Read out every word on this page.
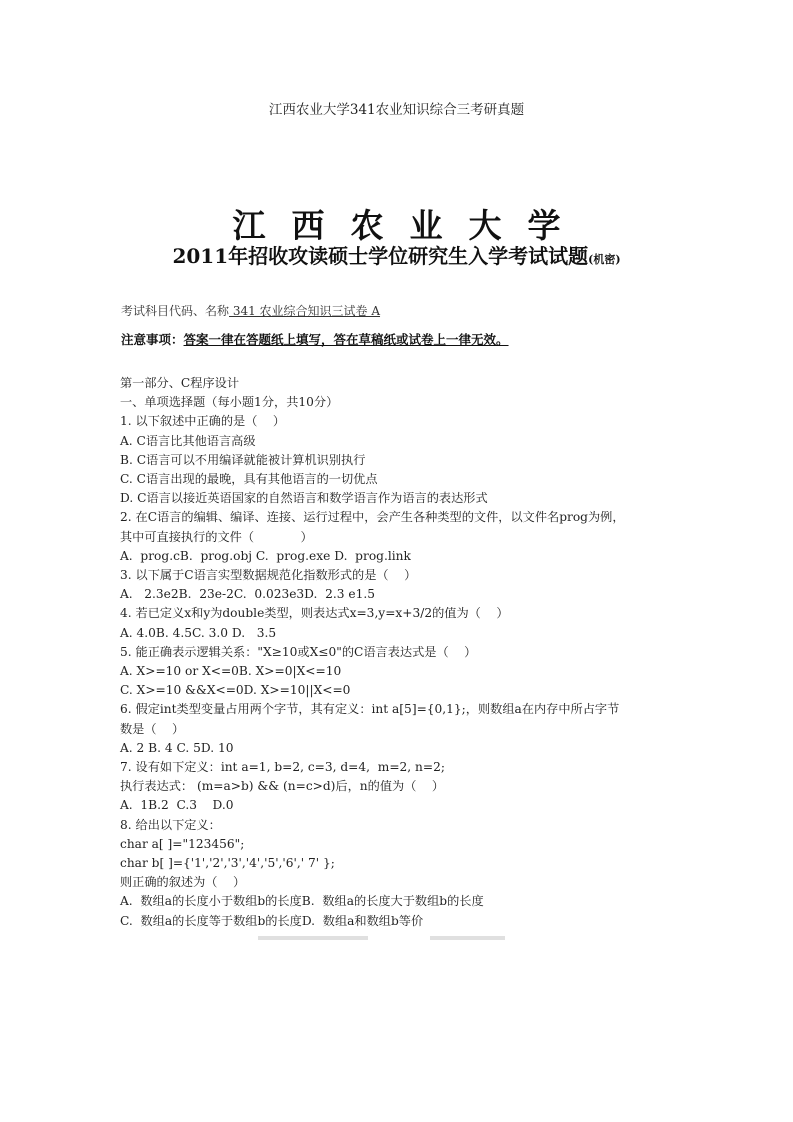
江西农业大学341农业知识综合三考研真题
江西农业大学
2011年招收攻读硕士学位研究生入学考试试题(机密)
考试科目代码、名称 341 农业综合知识三试卷 A
注意事项：答案一律在答题纸上填写，答在草稿纸或试卷上一律无效。
第一部分、C程序设计
一、单项选择题（每小题1分，共10分）
1. 以下叙述中正确的是（    ）
A. C语言比其他语言高级
B. C语言可以不用编译就能被计算机识别执行
C. C语言出现的最晚，具有其他语言的一切优点
D. C语言以接近英语国家的自然语言和数学语言作为语言的表达形式
2. 在C语言的编辑、编译、连接、运行过程中，会产生各种类型的文件，以文件名prog为例，
其中可直接执行的文件（            ）
A.  prog.cB.  prog.obj C.  prog.exe D.  prog.link
3. 以下属于C语言实型数据规范化指数形式的是（    ）
A.   2.3e2B.  23e-2C.  0.023e3D.  2.3 e1.5
4. 若已定义x和y为double类型，则表达式x=3,y=x+3/2的值为（    ）
A. 4.0B. 4.5C. 3.0 D.   3.5
5. 能正确表示逻辑关系："X≥10或X≤0"的C语言表达式是（    ）
A. X>=10 or X<=0B. X>=0|X<=10
C. X>=10 &&X<=0D. X>=10||X<=0
6. 假定int类型变量占用两个字节，其有定义：int a[5]={0,1};，则数组a在内存中所占字节
数是（    ）
A. 2 B. 4 C. 5D. 10
7. 设有如下定义：int a=1, b=2, c=3, d=4,  m=2, n=2;
执行表达式： (m=a>b) && (n=c>d)后，n的值为（    ）
A.  1B.2  C.3    D.0
8. 给出以下定义：
char a[ ]="123456";
char b[ ]={'1','2','3','4','5','6',' 7' };
则正确的叙述为（    ）
A.  数组a的长度小于数组b的长度B.  数组a的长度大于数组b的长度
C.  数组a的长度等于数组b的长度D.  数组a和数组b等价
